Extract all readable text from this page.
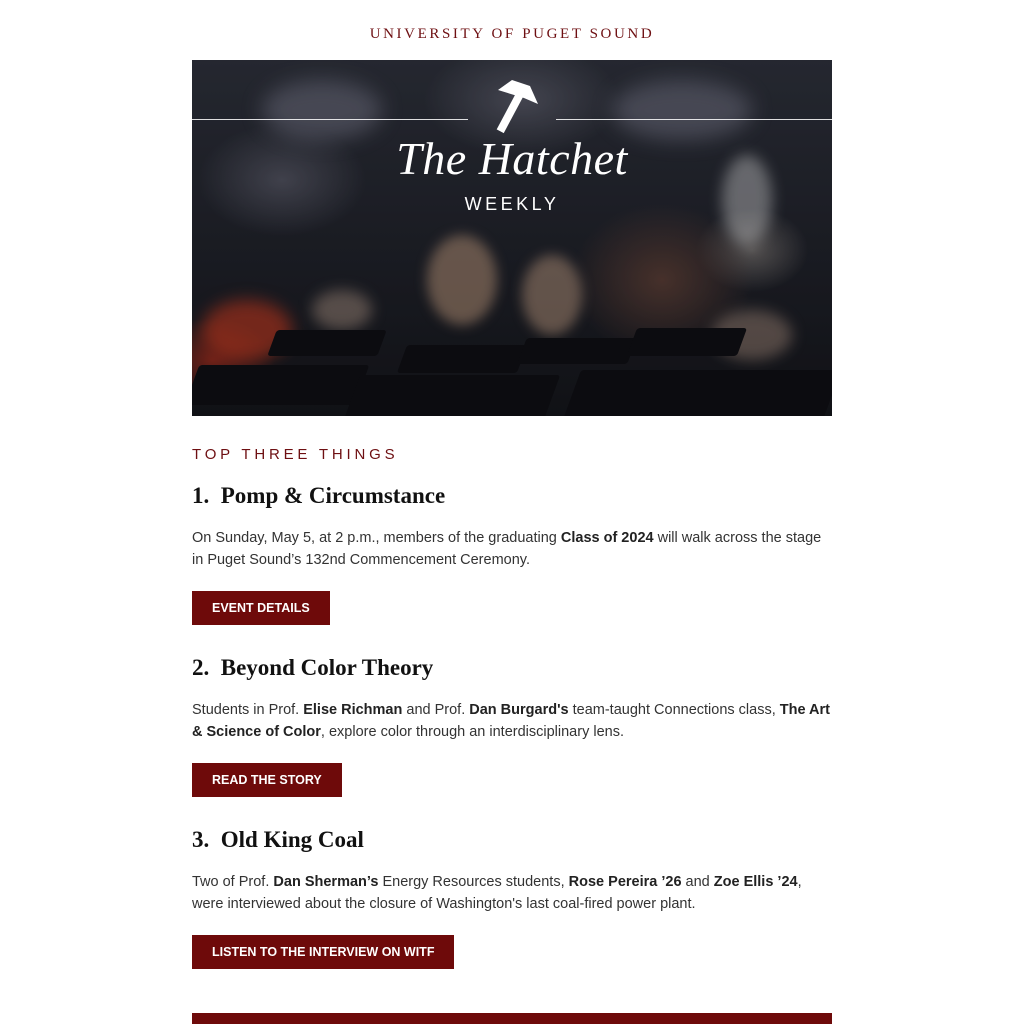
UNIVERSITY OF PUGET SOUND
The Hatchet
WEEKLY
TOP THREE THINGS
1. Pomp & Circumstance

On Sunday, May 5, at 2 p.m., members of the graduating Class of 2024 will walk across the stage in Puget Sound’s 132nd Commencement Ceremony.

EVENT DETAILS
2. Beyond Color Theory

Students in Prof. Elise Richman and Prof. Dan Burgard's team-taught Connections class, The Art & Science of Color, explore color through an interdisciplinary lens.

READ THE STORY
3. Old King Coal

Two of Prof. Dan Sherman’s Energy Resources students, Rose Pereira ’26 and Zoe Ellis ’24, were interviewed about the closure of Washington's last coal-fired power plant.

LISTEN TO THE INTERVIEW ON WITF
